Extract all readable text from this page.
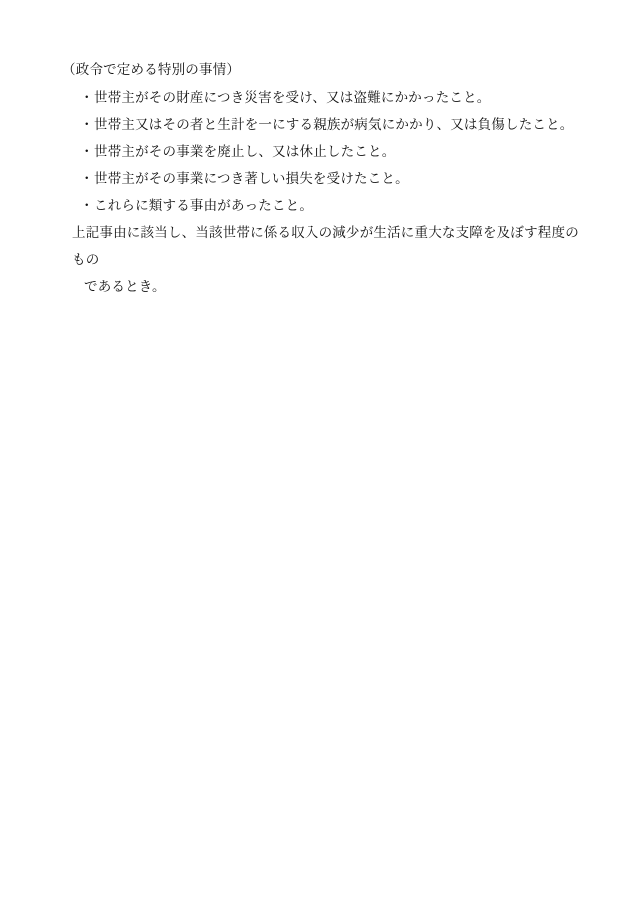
（政令で定める特別の事情）

・世帯主がその財産につき災害を受け、又は盗難にかかったこと。
・世帯主又はその者と生計を一にする親族が病気にかかり、又は負傷したこと。
・世帯主がその事業を廃止し、又は休止したこと。
・世帯主がその事業につき著しい損失を受けたこと。
・これらに類する事由があったこと。

上記事由に該当し、当該世帯に係る収入の減少が生活に重大な支障を及ぼす程度のもの
であるとき。
